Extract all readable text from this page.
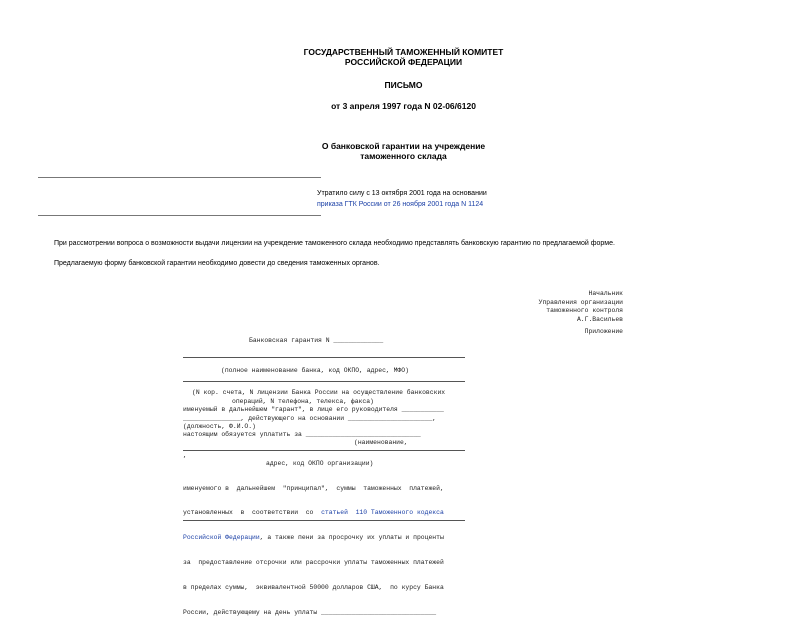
ГОСУДАРСТВЕННЫЙ ТАМОЖЕННЫЙ КОМИТЕТ
РОССИЙСКОЙ ФЕДЕРАЦИИ
ПИСЬМО
от 3 апреля 1997 года N 02-06/6120
О банковской гарантии на учреждение
таможенного склада
Утратило силу с 13 октября 2001 года на основании
приказа ГТК России от 26 ноября 2001 года N 1124
При рассмотрении вопроса о возможности выдачи лицензии на учреждение таможенного склада необходимо представлять банковскую гарантию по предлагаемой форме.
Предлагаемую форму банковской гарантии необходимо довести до сведения таможенных органов.
Начальник
Управления организации
таможенного контроля
А.Г.Васильев
Приложение
Банковская гарантия N _____________
(полное наименование банка, код ОКПО, адрес, МФО)
(N кор. счета, N лицензии Банка России на осуществление банковских
операций, N телефона, телекса, факса)
именуемый в дальнейшем "гарант", в лице его руководителя ___________
_______________, действующего на основании ______________________,
(должность, Ф.И.О.)
настоящим обязуется уплатить за ______________________________
(наименование,
,
адрес, код ОКПО организации)

именуемого в  дальнейшем  "принципал",  суммы  таможенных  платежей,

установленных  в  соответствии  со  статьей  110 Таможенного кодекса

Российской Федерации, а также пени за просрочку их уплаты и проценты

за  предоставление отсрочки или рассрочки уплаты таможенных платежей

в пределах суммы,  эквивалентной 50000 долларов США,  по курсу Банка

России, действующему на день уплаты ______________________________
